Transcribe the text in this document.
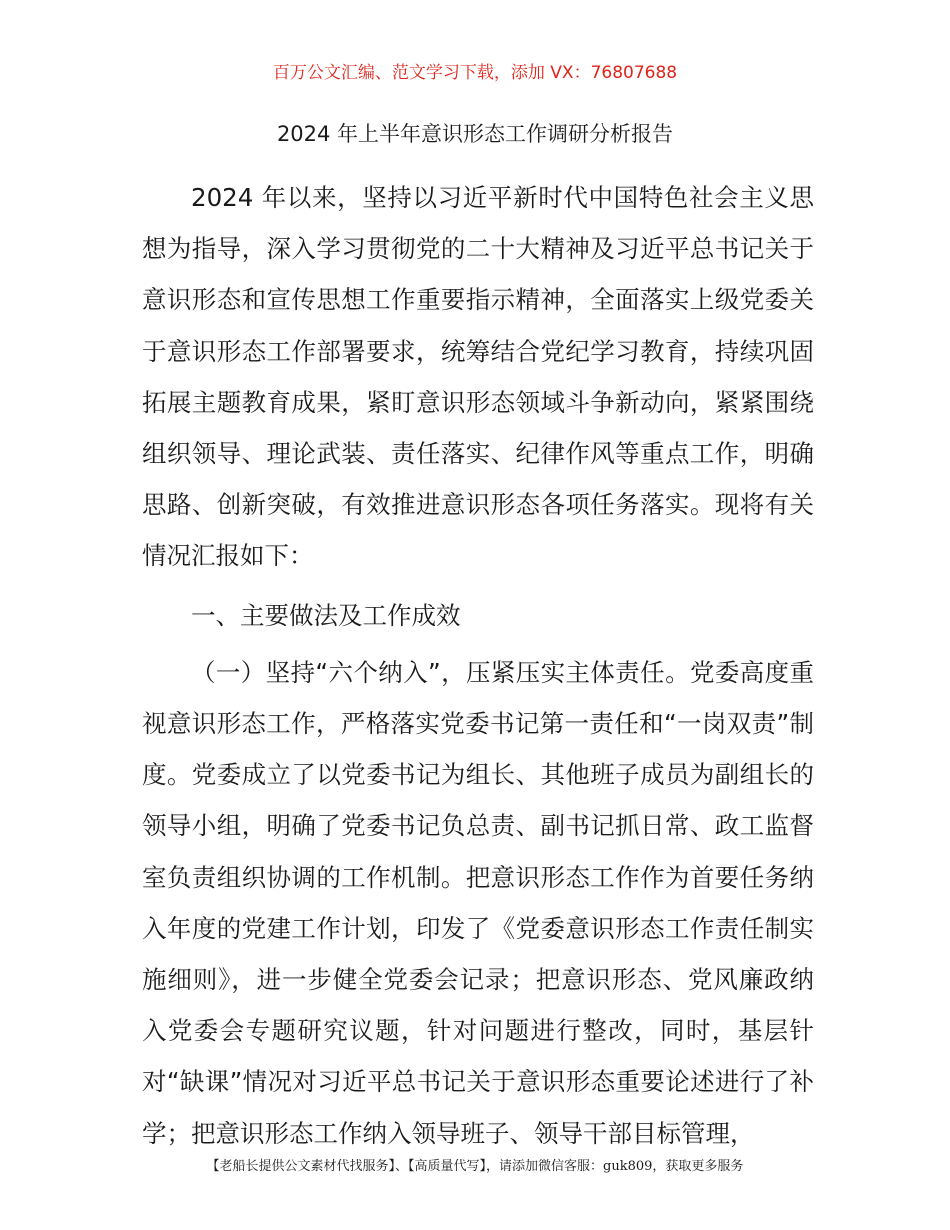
百万公文汇编、范文学习下载，添加 VX：76807688
2024 年上半年意识形态工作调研分析报告

2024 年以来，坚持以习近平新时代中国特色社会主义思想为指导，深入学习贯彻党的二十大精神及习近平总书记关于意识形态和宣传思想工作重要指示精神，全面落实上级党委关于意识形态工作部署要求，统筹结合党纪学习教育，持续巩固拓展主题教育成果，紧盯意识形态领域斗争新动向，紧紧围绕组织领导、理论武装、责任落实、纪律作风等重点工作，明确思路、创新突破，有效推进意识形态各项任务落实。现将有关情况汇报如下：

一、主要做法及工作成效

（一）坚持“六个纳入”，压紧压实主体责任。党委高度重视意识形态工作，严格落实党委书记第一责任和“一岗双责”制度。党委成立了以党委书记为组长、其他班子成员为副组长的领导小组，明确了党委书记负总责、副书记抓日常、政工监督室负责组织协调的工作机制。把意识形态工作作为首要任务纳入年度的党建工作计划，印发了《党委意识形态工作责任制实施细则》，进一步健全党委会记录；把意识形态、党风廉政纳入党委会专题研究议题，针对问题进行整改，同时，基层针对“缺课”情况对习近平总书记关于意识形态重要论述进行了补学；把意识形态工作纳入领导班子、领导干部目标管理，

【老船长提供公文素材代找服务】、【高质量代写】，请添加微信客服：guk809，获取更多服务
